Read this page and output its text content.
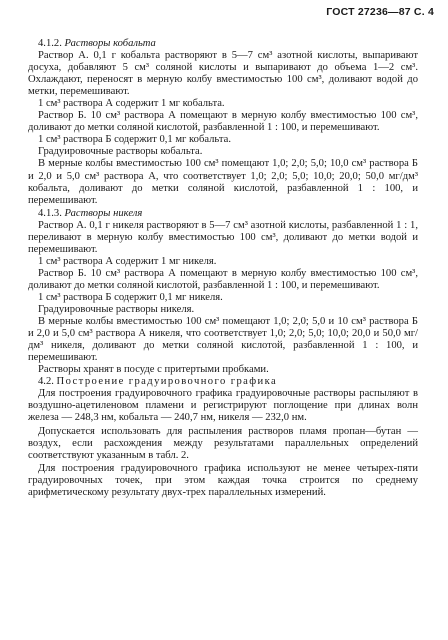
ГОСТ 27236—87 С. 4

4.1.2. Растворы кобальта

Раствор А. 0,1 г кобальта растворяют в 5—7 см³ азотной кислоты, выпаривают досуха, добавляют 5 см³ соляной кислоты и выпаривают до объема 1—2 см³. Охлаждают, переносят в мерную колбу вместимостью 100 см³, доливают водой до метки, перемешивают.

1 см³ раствора А содержит 1 мг кобальта.

Раствор Б. 10 см³ раствора А помещают в мерную колбу вместимостью 100 см³, доливают до метки соляной кислотой, разбавленной 1 : 100, и перемешивают.

1 см³ раствора Б содержит 0,1 мг кобальта.

Градуировочные растворы кобальта.

В мерные колбы вместимостью 100 см³ помещают 1,0; 2,0; 5,0; 10,0 см³ раствора Б и 2,0 и 5,0 см³ раствора А, что соответствует 1,0; 2,0; 5,0; 10,0; 20,0; 50,0 мг/дм³ кобальта, доливают до метки соляной кислотой, разбавленной 1 : 100, и перемешивают.

4.1.3. Растворы никеля

Раствор А. 0,1 г никеля растворяют в 5—7 см³ азотной кислоты, разбавленной 1 : 1, переливают в мерную колбу вместимостью 100 см³, доливают до метки водой и перемешивают.

1 см³ раствора А содержит 1 мг никеля.

Раствор Б. 10 см³ раствора А помещают в мерную колбу вместимостью 100 см³, доливают до метки соляной кислотой, разбавленной 1 : 100, и перемешивают.

1 см³ раствора Б содержит 0,1 мг никеля.

Градуировочные растворы никеля.

В мерные колбы вместимостью 100 см³ помещают 1,0; 2,0; 5,0 и 10 см³ раствора Б и 2,0 и 5,0 см³ раствора А никеля, что соответствует 1,0; 2,0; 5,0; 10,0; 20,0 и 50,0 мг/дм³ никеля, доливают до метки соляной кислотой, разбавленной 1 : 100, и перемешивают.

Растворы хранят в посуде с притертыми пробками.

4.2. Построение градуировочного графика

Для построения градуировочного графика градуировочные растворы распыляют в воздушно-ацетиленовом пламени и регистрируют поглощение при длинах волн железа — 248,3 нм, кобальта — 240,7 нм, никеля — 232,0 нм.

Допускается использовать для распыления растворов пламя пропан—бутан — воздух, если расхождения между результатами параллельных определений соответствуют указанным в табл. 2.

Для построения градуировочного графика используют не менее четырех-пяти градуировочных точек, при этом каждая точка строится по среднему арифметическому результату двух-трех параллельных измерений.
